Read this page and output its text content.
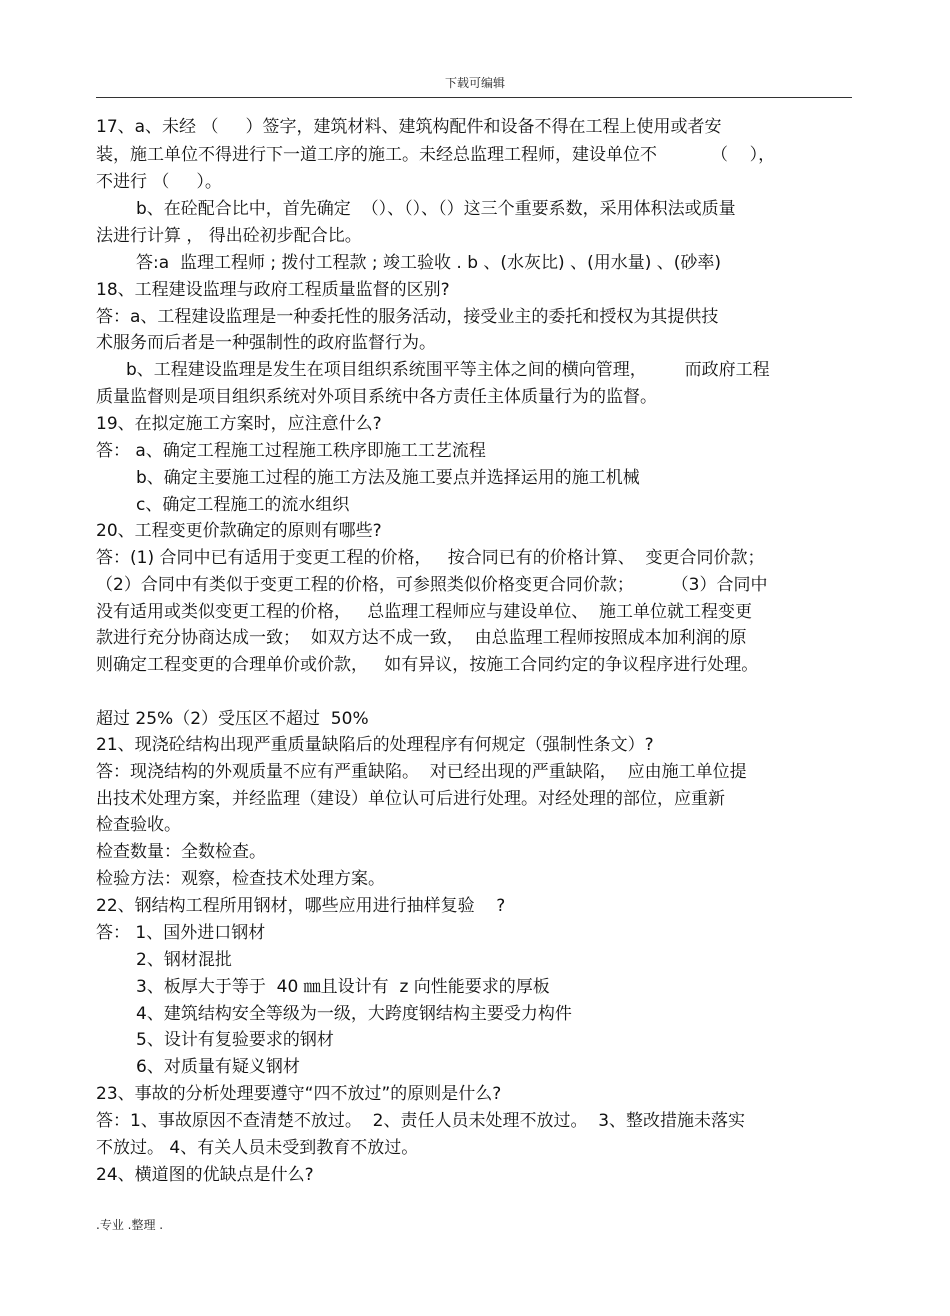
下载可编辑
17、a、未经 （     ）签字，建筑材料、建筑构配件和设备不得在工程上使用或者安
装，施工单位不得进行下一道工序的施工。未经总监理工程师，建设单位不          （    ），
不进行 （     ）。
b、在砼配合比中，首先确定  （）、（）、（）这三个重要系数，采用体积法或质量
法进行计算 ， 得出砼初步配合比。
答:a  监理工程师 ; 拨付工程款 ; 竣工验收 . b 、(水灰比) 、(用水量) 、(砂率)
18、工程建设监理与政府工程质量监督的区别?
答：a、工程建设监理是一种委托性的服务活动，接受业主的委托和授权为其提供技
术服务而后者是一种强制性的政府监督行为。
b、工程建设监理是发生在项目组织系统围平等主体之间的横向管理，       而政府工程
质量监督则是项目组织系统对外项目系统中各方责任主体质量行为的监督。
19、在拟定施工方案时，应注意什么?
答： a、确定工程施工过程施工秩序即施工工艺流程
b、确定主要施工过程的施工方法及施工要点并选择运用的施工机械
c、确定工程施工的流水组织
20、工程变更价款确定的原则有哪些?
答：(1) 合同中已有适用于变更工程的价格，   按合同已有的价格计算、  变更合同价款；
（2）合同中有类似于变更工程的价格，可参照类似价格变更合同价款；       （3）合同中
没有适用或类似变更工程的价格，   总监理工程师应与建设单位、  施工单位就工程变更
款进行充分协商达成一致；  如双方达不成一致，  由总监理工程师按照成本加利润的原
则确定工程变更的合理单价或价款，   如有异议，按施工合同约定的争议程序进行处理。
超过 25%（2）受压区不超过  50%
21、现浇砼结构出现严重质量缺陷后的处理程序有何规定（强制性条文）?
答：现浇结构的外观质量不应有严重缺陷。  对已经出现的严重缺陷，  应由施工单位提
出技术处理方案，并经监理（建设）单位认可后进行处理。对经处理的部位，应重新
检查验收。
检查数量：全数检查。
检验方法：观察，检查技术处理方案。
22、钢结构工程所用钢材，哪些应用进行抽样复验    ?
答： 1、国外进口钢材
2、钢材混批
3、板厚大于等于  40 ㎜且设计有  z 向性能要求的厚板
4、建筑结构安全等级为一级，大跨度钢结构主要受力构件
5、设计有复验要求的钢材
6、对质量有疑义钢材
23、事故的分析处理要遵守“四不放过”的原则是什么?
答：1、事故原因不查清楚不放过。  2、责任人员未处理不放过。  3、整改措施未落实
不放过。 4、有关人员未受到教育不放过。
24、横道图的优缺点是什么?
.专业 .整理 .
